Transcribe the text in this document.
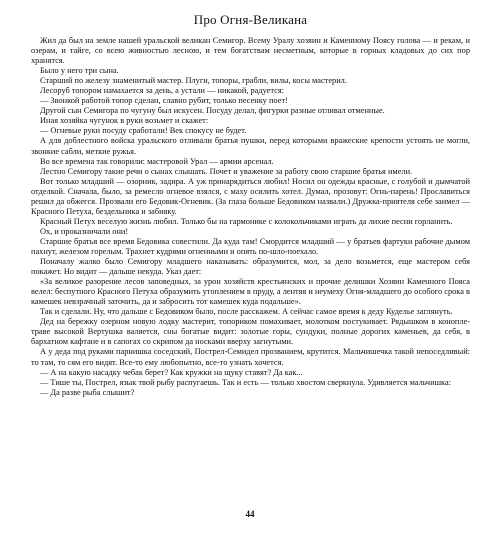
Про Огня-Великана

Жил да был на земле нашей уральской великан Семигор. Всему Уралу хозяин и Каменному Поясу голова — и рекам, и озерам, и тайге, со всею живностью лесною, и тем богатствам несметным, которые в горных кладовых до сих пор хранятся.

Было у него три сына.

Старший по железу знаменитый мастер. Плуги, топоры, грабли, вилы, косы мастерил.

Лесоруб топором намахается за день, а устали — никакой, радуется:

— Звонкой работой топор сделан, славно рубит, только песенку поет!

Другой сын Семигора по чугуну был искусен. Посуду делал, фигурки разные отливал отменные.

Иная хозяйка чугунок в руки возьмет и скажет:

— Огневые руки посуду сработали! Век спокусу не будет.

А для доблестного войска уральского отливали братья пушки, перед которыми вражеские крепости устоять не могли, звонкие сабли, меткие ружья.

Во все времена так говорили: мастеровой Урал — армии арсенал.

Лестно Семигору такие речи о сынах слышать. Почет и уважение за работу свою старшие братья имели.

Вот только младший — озорник, задира. А уж принарядиться любил! Носил он одежды красные, с голубой и дымчатой отделкой. Сначала, было, за ремесло огневое взялся, с маху осилить хотел. Думал, прозовут: Огнь-парень! Прославиться решил да обжегся. Прозвали его Бедовик-Огневик. (За глаза больше Бедовиком назвали.) Дружка-приятеля себе заимел — Красного Петуха, бездельника и забияку.

Красный Петух веселую жизнь любил. Только бы на гармонике с колокольчиками играть да лихие песни горланить.

Ох, и проказничали они!

Старшие братья все время Бедовика совестили. Да куда там! Смордится младший — у братьев фартуки рабочие дымом пахнут, железом горелым. Трахнет кудрями огненными и опять по-шло-поехало.

Поначалу жалко было Семигору младшего наказывать: образумится, мол, за дело возьмется, еще мастером себя покажет. Но видит — дальше некуда. Указ дает:

«За великое разорение лесов заповедных, за урон хозяйств крестьянских и прочие делишки Хозяин Каменного Пояса велел: беспутного Красного Петуха образумить утоплением в пруду, а лентяя и неумеху Огня-младшего до особого срока в камешек невзрачный заточить, да и забросить тот камешек куда подальше».

Так и сделали. Ну, что дальше с Бедовиком было, после расскажем. А сейчас самое время к деду Куделье заглянуть.

Дед на бережку озерном новую лодку мастерит, топориком помахивает, молотком постукивает. Рядышком в конопле-траве высокой Вертушка валяется, сны богатые видит: золотые горы, сундуки, полные дорогих каменьев, да себя, в бархатном кафтане и в сапогах со скрипом да носками вверху загнутыми.

А у деда под руками парнишка соседский, Пострел-Семидел прозванием, крутится. Мальчишечка такой непоседливый: то там, то сям его видят. Все-то ему любопытно, все-то узнать хочется.

— А на какую насадку чебак берет? Как кружки на щуку ставят? Да как...

— Тише ты, Пострел, язык твой рыбу распугаешь. Так и есть — только хвостом сверкнула. Удивляется мальчишка:

— Да разве рыба слышит?

44
